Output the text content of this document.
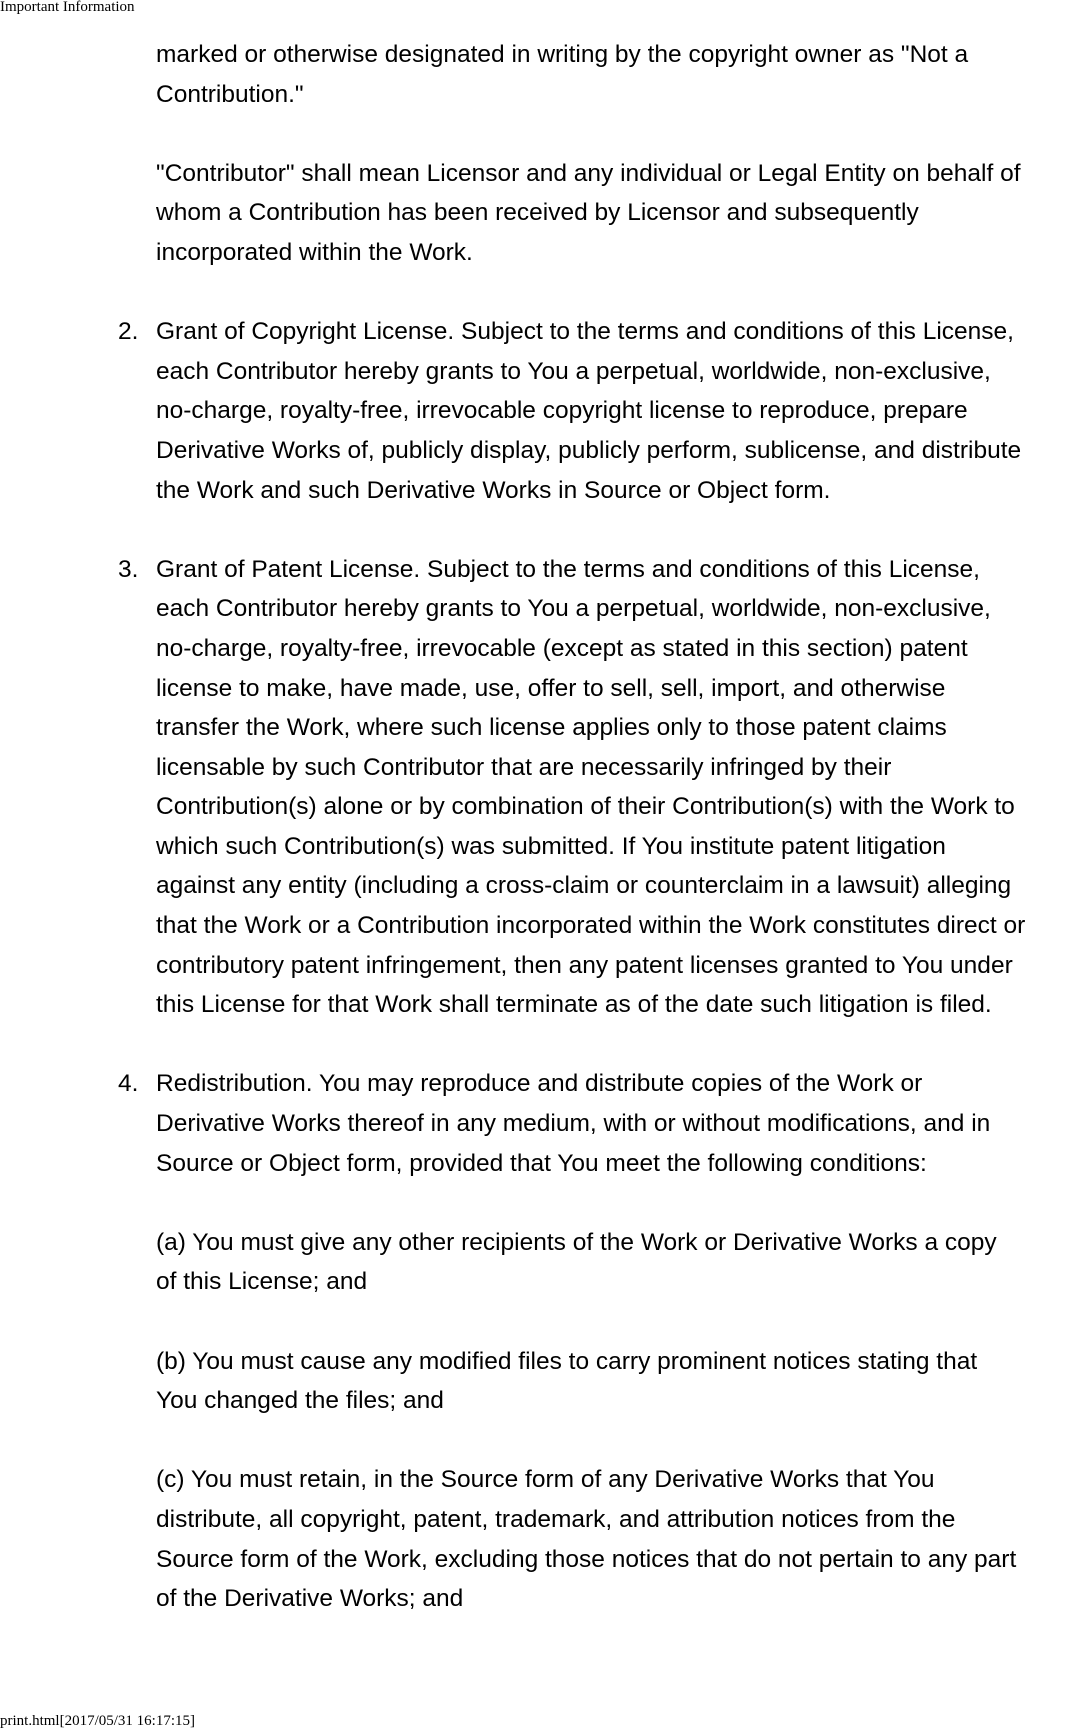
Important Information
marked or otherwise designated in writing by the copyright owner as "Not a
Contribution."
"Contributor" shall mean Licensor and any individual or Legal Entity on behalf of
whom a Contribution has been received by Licensor and subsequently
incorporated within the Work.
2. Grant of Copyright License. Subject to the terms and conditions of this License,
each Contributor hereby grants to You a perpetual, worldwide, non-exclusive,
no-charge, royalty-free, irrevocable copyright license to reproduce, prepare
Derivative Works of, publicly display, publicly perform, sublicense, and distribute
the Work and such Derivative Works in Source or Object form.
3. Grant of Patent License. Subject to the terms and conditions of this License,
each Contributor hereby grants to You a perpetual, worldwide, non-exclusive,
no-charge, royalty-free, irrevocable (except as stated in this section) patent
license to make, have made, use, offer to sell, sell, import, and otherwise
transfer the Work, where such license applies only to those patent claims
licensable by such Contributor that are necessarily infringed by their
Contribution(s) alone or by combination of their Contribution(s) with the Work to
which such Contribution(s) was submitted. If You institute patent litigation
against any entity (including a cross-claim or counterclaim in a lawsuit) alleging
that the Work or a Contribution incorporated within the Work constitutes direct or
contributory patent infringement, then any patent licenses granted to You under
this License for that Work shall terminate as of the date such litigation is filed.
4. Redistribution. You may reproduce and distribute copies of the Work or
Derivative Works thereof in any medium, with or without modifications, and in
Source or Object form, provided that You meet the following conditions:
(a) You must give any other recipients of the Work or Derivative Works a copy
of this License; and
(b) You must cause any modified files to carry prominent notices stating that
You changed the files; and
(c) You must retain, in the Source form of any Derivative Works that You
distribute, all copyright, patent, trademark, and attribution notices from the
Source form of the Work, excluding those notices that do not pertain to any part
of the Derivative Works; and
print.html[2017/05/31 16:17:15]
